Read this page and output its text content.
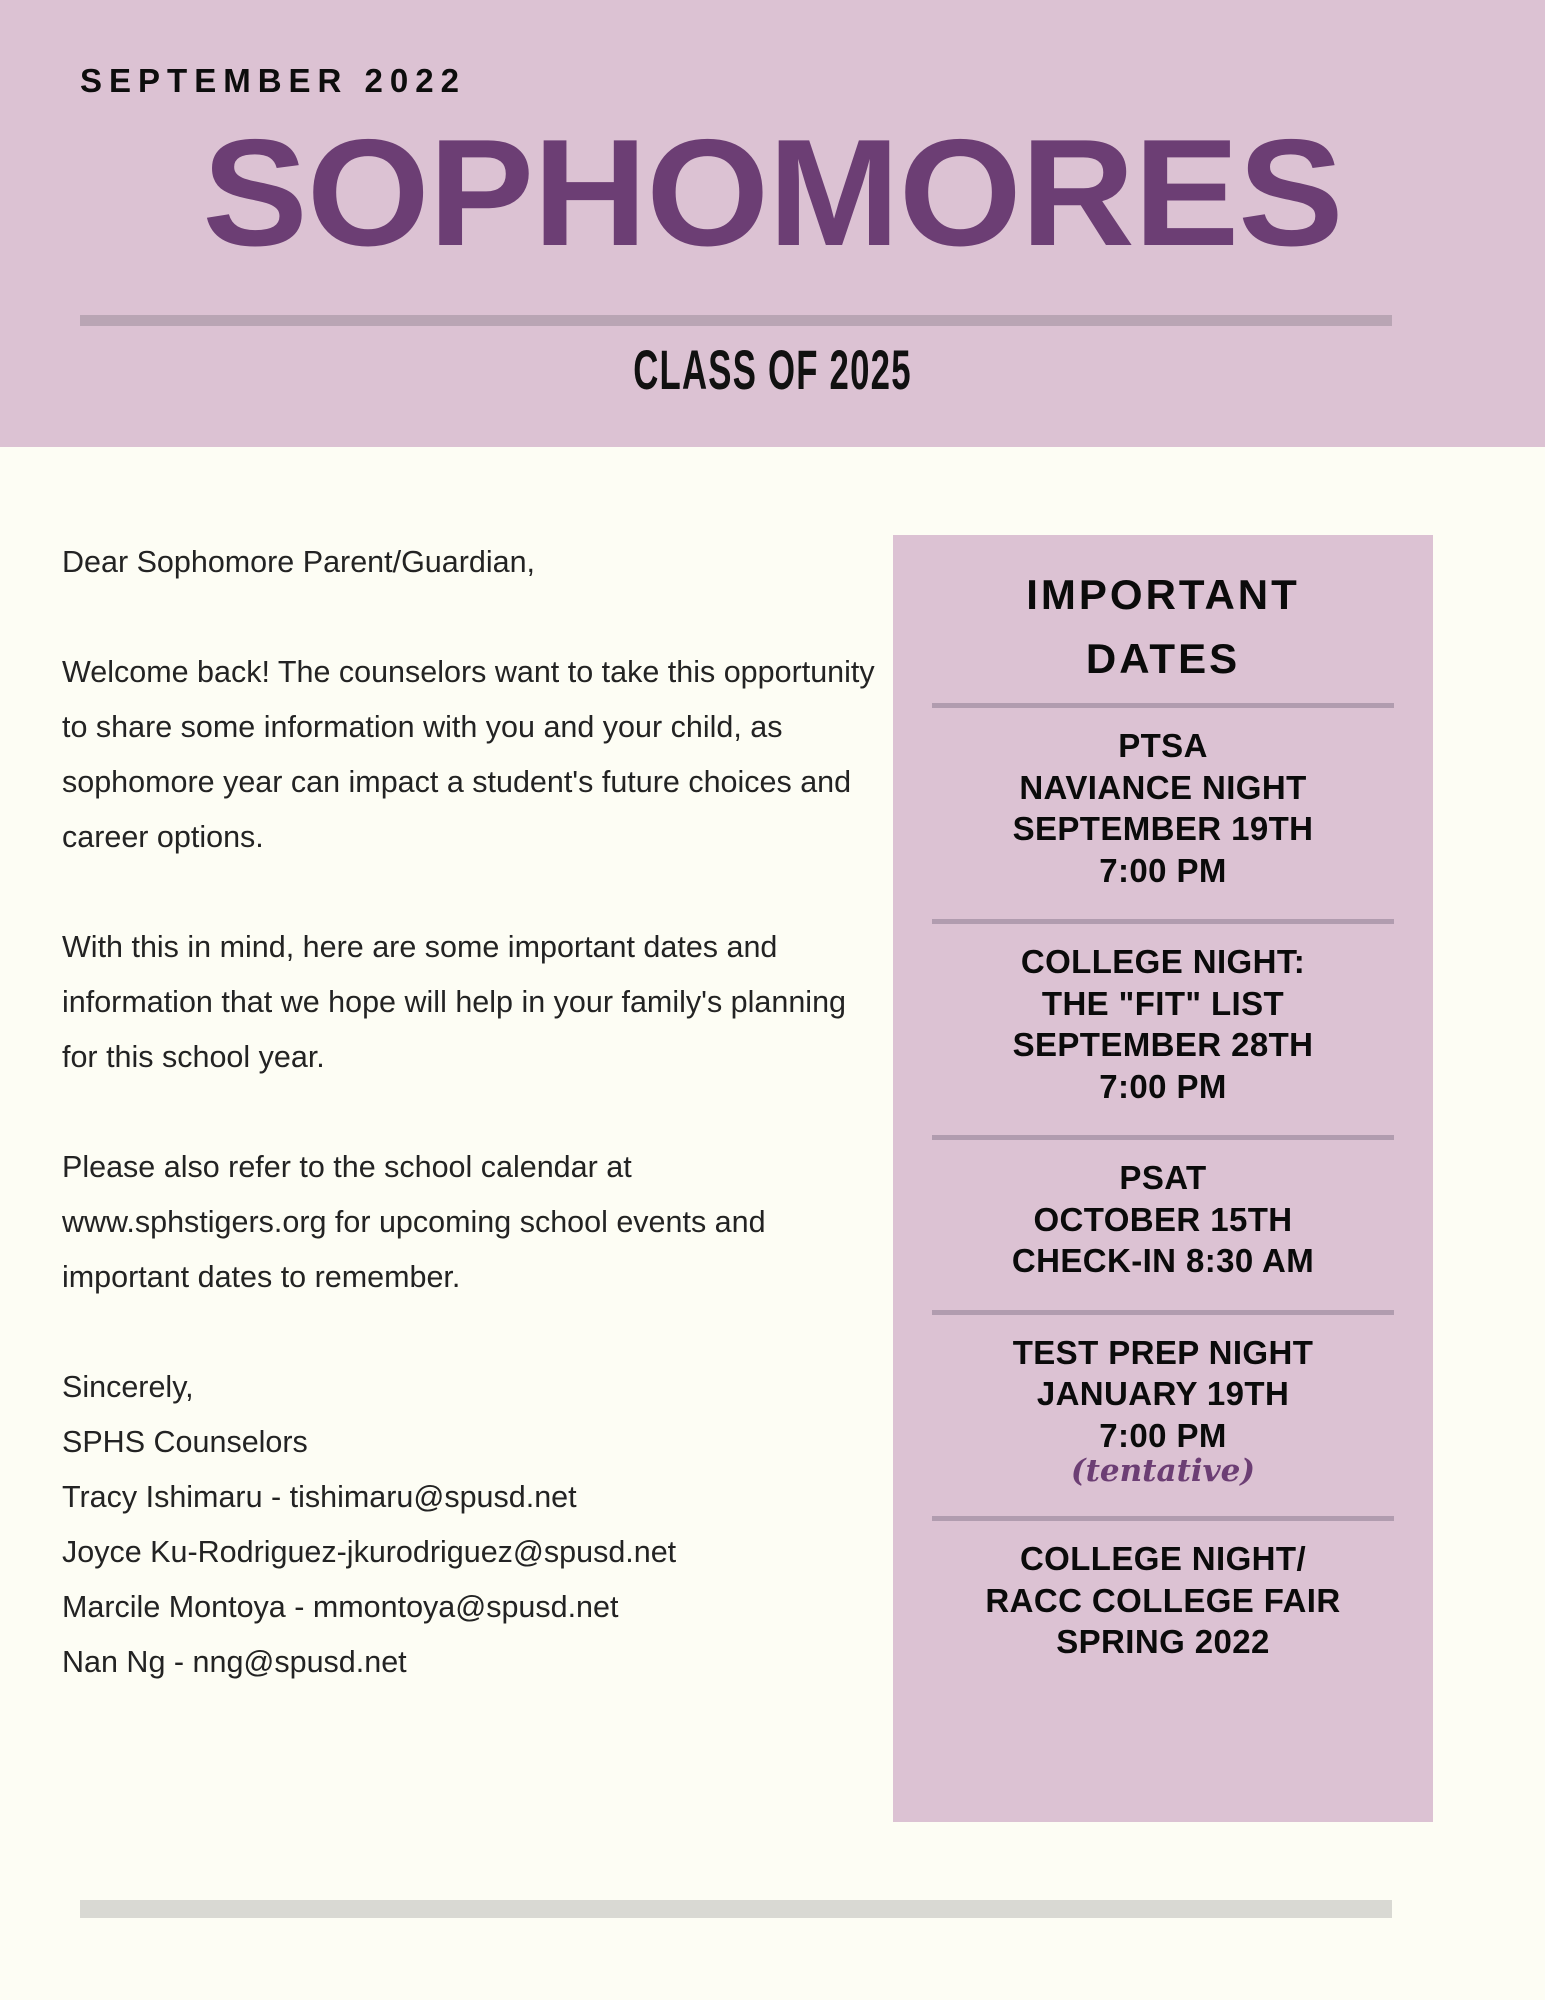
SEPTEMBER 2022
SOPHOMORES
CLASS OF 2025

Dear Sophomore Parent/Guardian,

Welcome back! The counselors want to take this opportunity to share some information with you and your child, as sophomore year can impact a student's future choices and career options.

With this in mind, here are some important dates and information that we hope will help in your family's planning for this school year.

Please also refer to the school calendar at www.sphstigers.org for upcoming school events and important dates to remember.

Sincerely,
SPHS Counselors
Tracy Ishimaru - tishimaru@spusd.net
Joyce Ku-Rodriguez-jkurodriguez@spusd.net
Marcile Montoya - mmontoya@spusd.net
Nan Ng - nng@spusd.net

IMPORTANT
DATES
PTSA
NAVIANCE NIGHT
SEPTEMBER 19TH
7:00 PM
COLLEGE NIGHT:
THE "FIT" LIST
SEPTEMBER 28TH
7:00 PM
PSAT
OCTOBER 15TH
CHECK-IN 8:30 AM
TEST PREP NIGHT
JANUARY 19TH
7:00 PM
(tentative)
COLLEGE NIGHT/
RACC COLLEGE FAIR
SPRING 2022
